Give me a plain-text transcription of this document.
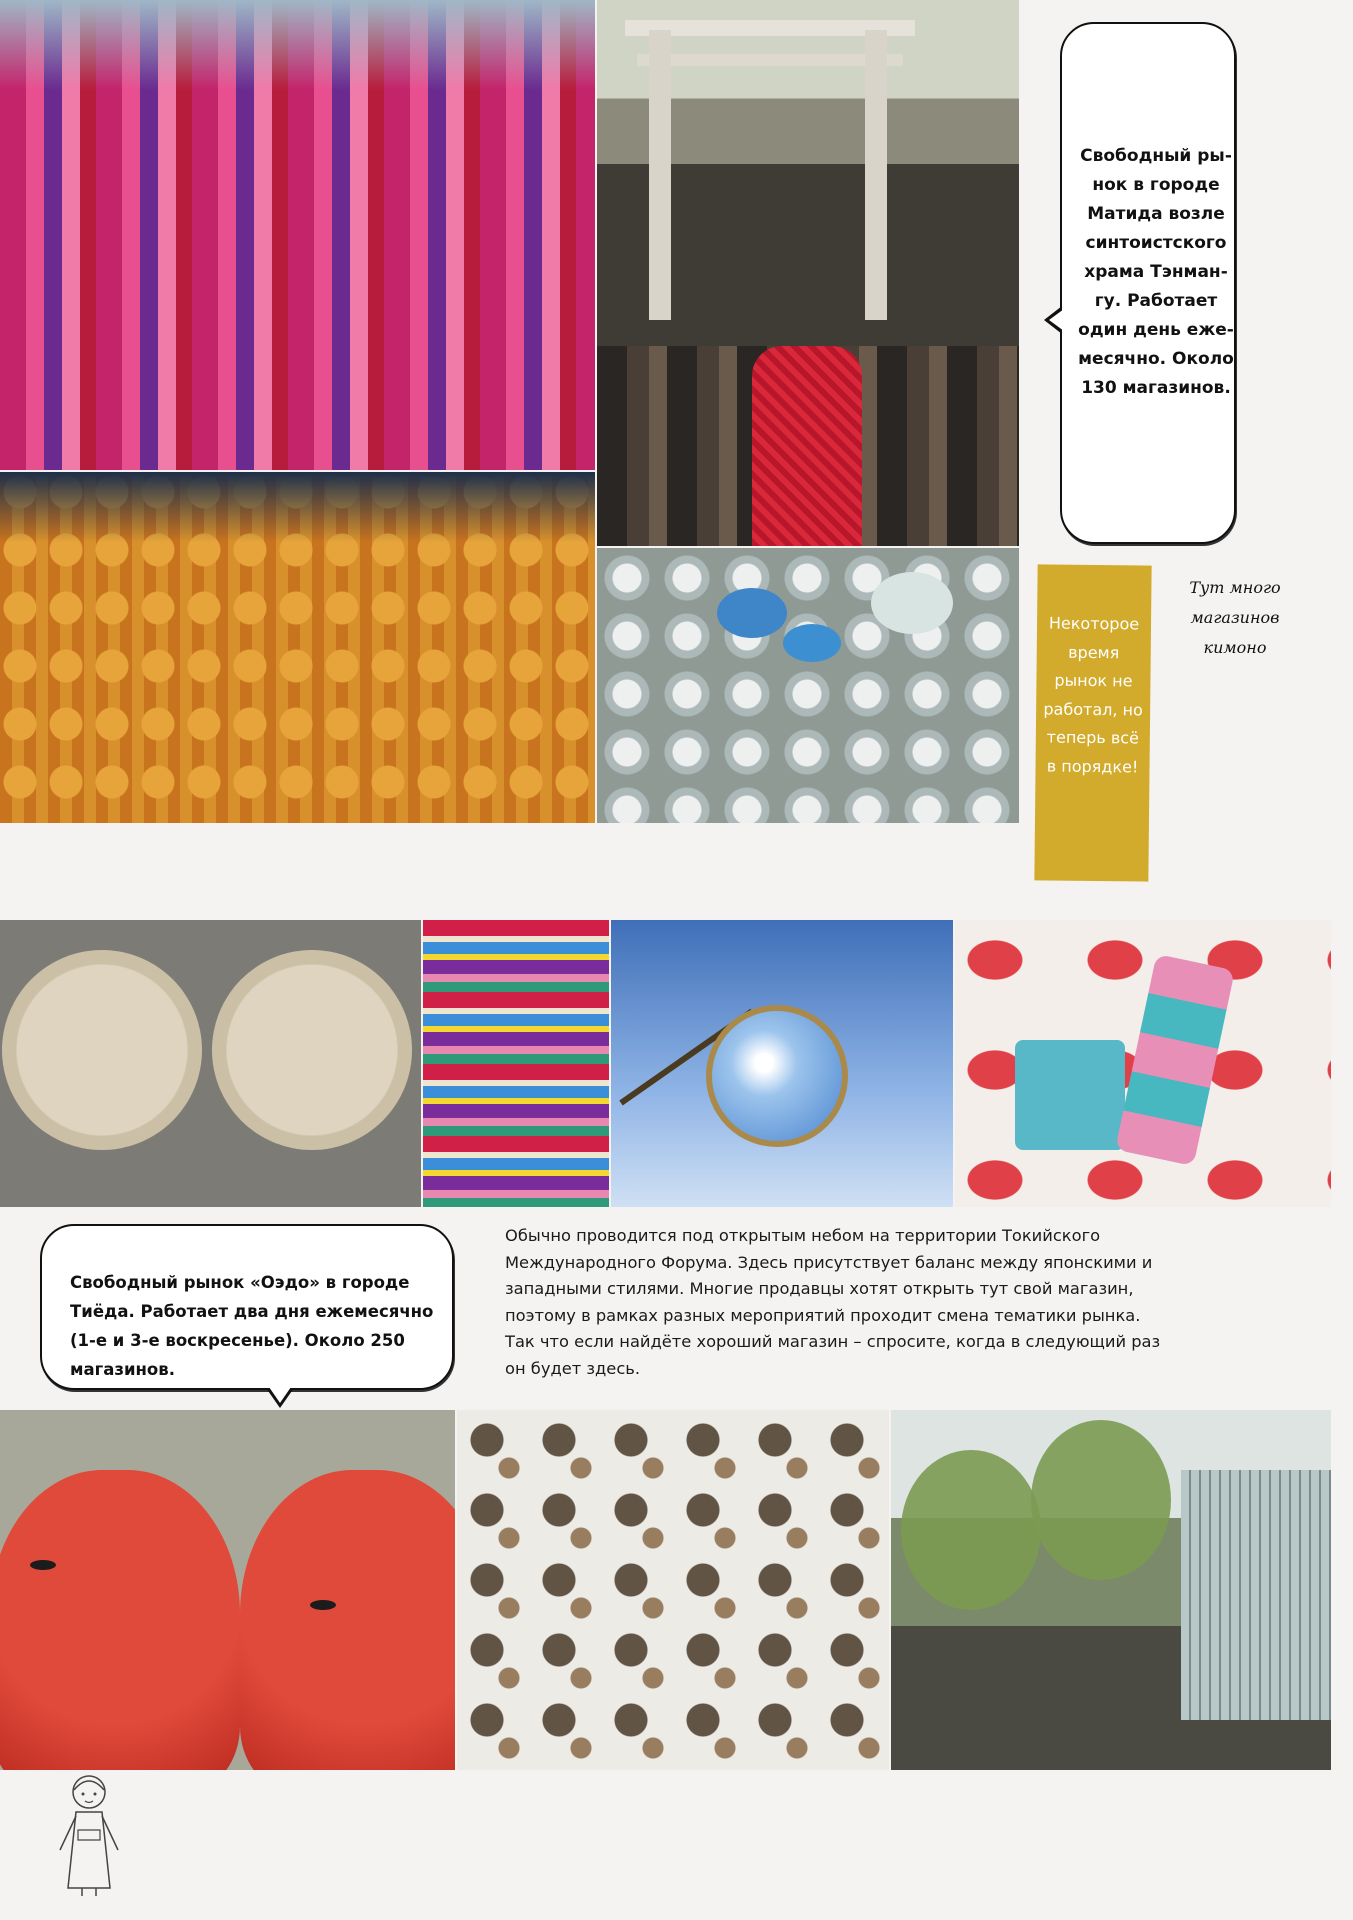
Свободный рынок в городе Матида возле синтоистского храма Тэнмангу. Работает один день ежемесячно. Около 130 магазинов.

Некоторое время рынок не работал, но теперь всё в порядке!

Тут много магазинов кимоно

Свободный рынок «Оэдо» в городе Тиёда. Работает два дня ежемесячно (1-е и 3-е воскресенье). Около 250 магазинов.

Обычно проводится под открытым небом на территории Токийского Международного Форума. Здесь присутствует баланс между японскими и западными стилями. Многие продавцы хотят открыть тут свой магазин, поэтому в рамках разных мероприятий проходит смена тематики рынка. Так что если найдёте хороший магазин – спросите, когда в следующий раз он будет здесь.
